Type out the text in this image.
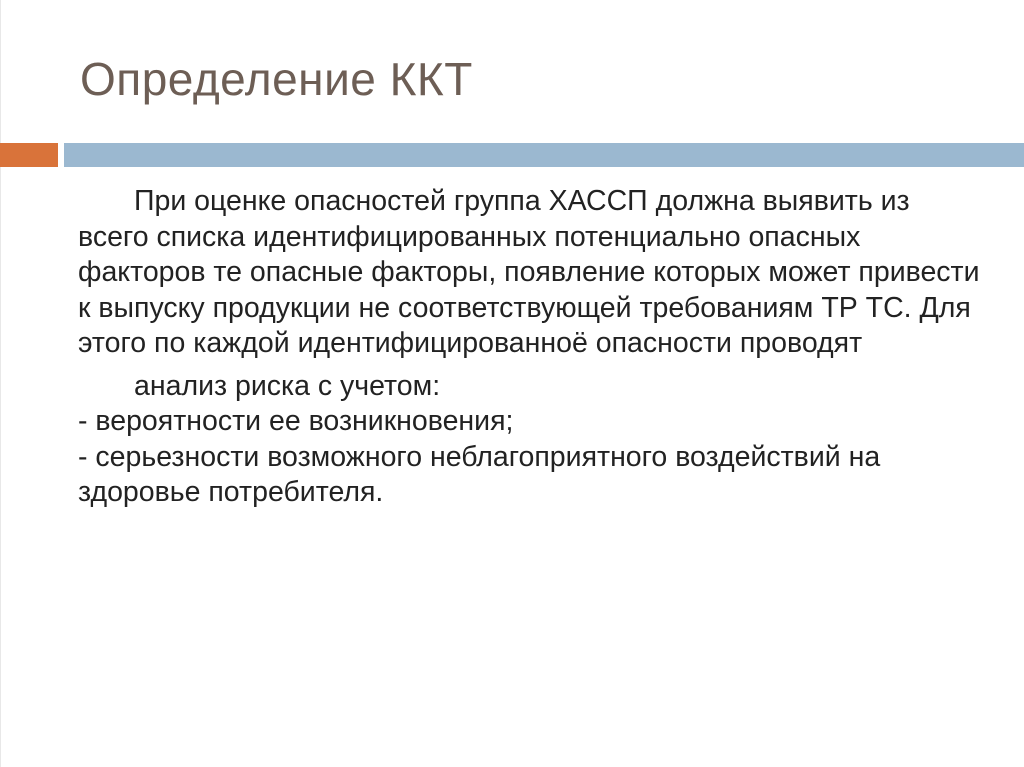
Определение ККТ

При оценке опасностей группа ХАССП должна выявить из всего списка идентифицированных потенциально опасных факторов те опасные факторы, появление которых может привести к выпуску продукции не соответствующей требованиям ТР ТС. Для этого по каждой идентифицированноё опасности проводят

анализ риска с учетом:
- вероятности ее возникновения;

- серьезности возможного неблагоприятного воздействий на здоровье потребителя.
